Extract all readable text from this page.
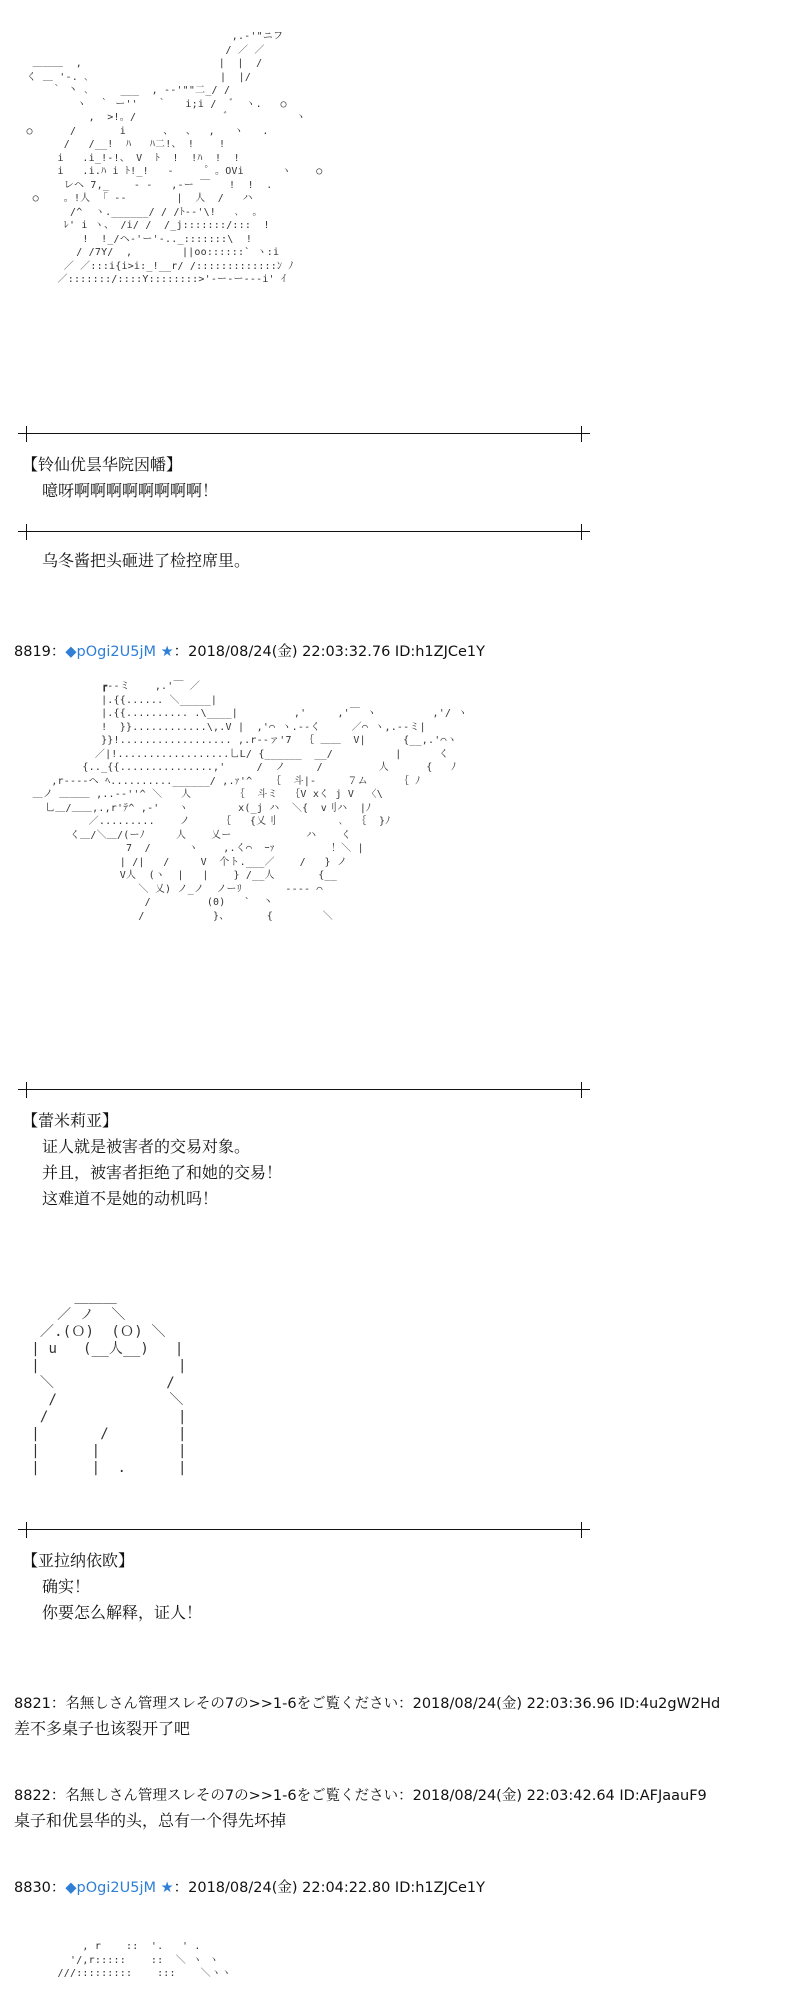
,.-'"ニフ
/ ／ ／
＿＿＿  ,                      |  |  /
く ＿ '-. ､                     |  |/
｀ 丶 ､     ___  , -‐'""二_/ /
ヽ  ｀ ー''   ｀   i;i /  ゛ ヽ.   ○
,  >!。/              ゛          ヽ
○      /       i      、  、  ,   ヽ   .
/   /__!  ﾊ   ﾊ二!、 !    !
i   .i_!-!、 V  ﾄ  !  !ﾊ  !  !
i   .i.ﾊ i ﾄ!_!   ‐     ゜。OVi      ヽ    ○
レヘ 7,_    ‐ ‐   ,‐ー ￣   !  !  .
○    。!人  ｢ ‐‐        |  人  /   ハ
/^  ヽ.______/ / /ﾄ-‐'\!   ､  。
ﾚ' i ヽ、 /i/ /  /_j:::::::/:::  !
!  !_/ヘ-'ー'-.._:::::::\  !
/ /7Y/  ,        ||oo::::::` ヽ:i
／ ／:::i{i>i:_!__r/ /:::::::::::::ﾝ ﾉ
／:::::::/::::Y::::::::>'-ー‐ー‐‐-i' ｲ
【铃仙优昙华院因幡】
噫呀啊啊啊啊啊啊啊啊！
乌冬酱把头砸进了检控席里。
8819：◆pOgi2U5jM ★：2018/08/24(金) 22:03:32.76 ID:h1ZJCe1Y
┏--ミ    ,.'￣ ／
|.{{...... ＼_____|
|.{{.......... .\____|         ,'     ,'￣ ヽ         ,'/ ヽ
!  }}............\,.V |  ,'⌒ ヽ.--く     ／⌒ ヽ,.--ミ|
}}!.................. ,.r-‐ァ'7  ｛ ＿＿  V|      {__,.'⌒ヽ
／|!..................乚L/ {______  __/          |      く
{.._{{...............,'     /  ノ     /         人      {   ﾉ
,r‐‐‐-ヘ ﾍ..........______/ ,.ｧ'^   ｛  斗|-     ７ム     ｛ ﾉ
＿ノ ＿＿＿ ,..--''^ ＼   人       ｛  斗ミ  ｛V xく j V  〈\
乚＿/＿＿,.,r'ﾃ^ ,‐'   ヽ        x(_j ハ  ＼{  v刂ハ  |ﾉ
／.........    ノ     ｛   {乂刂          ､  ｛  }ﾉ
く＿/＼＿/(ーﾉ     人    乂ー            ハ    く
7  /      ヽ    ,.く⌒  ｰｧ         ！＼ |
| /|   /     V  个ト.___／    /   } ノ
V人  (ヽ  |   |    } /__人       {__
＼ 乂) ノ_ノ  ノーﾘ       ‐‐‐‐ ⌒
/         (0)   `  丶
/           }、      {        ＼
【蕾米莉亚】
证人就是被害者的交易对象。
并且，被害者拒绝了和她的交易！
这难道不是她的动机吗！
＿＿＿
／ ノ  ＼
／.(Ｏ)  (Ｏ) ＼
| u   (__人__)   |
|                |
＼             /
/             ＼
/               |
|       /        |
|      |         |
|      |  .      |
【亚拉纳依欧】
确实！
你要怎么解释，证人！
8821：名無しさん管理スレその7の>>1-6をご覧ください：2018/08/24(金) 22:03:36.96 ID:4u2gW2Hd
差不多桌子也该裂开了吧
8822：名無しさん管理スレその7の>>1-6をご覧ください：2018/08/24(金) 22:03:42.64 ID:AFJaauF9
桌子和优昙华的头，总有一个得先坏掉
8830：◆pOgi2U5jM ★：2018/08/24(金) 22:04:22.80 ID:h1ZJCe1Y
, r    ::  '.   ' .
'/,r:::::    ::  ＼ ヽ ヽ
///:::::::::    :::    ＼ヽヽ
